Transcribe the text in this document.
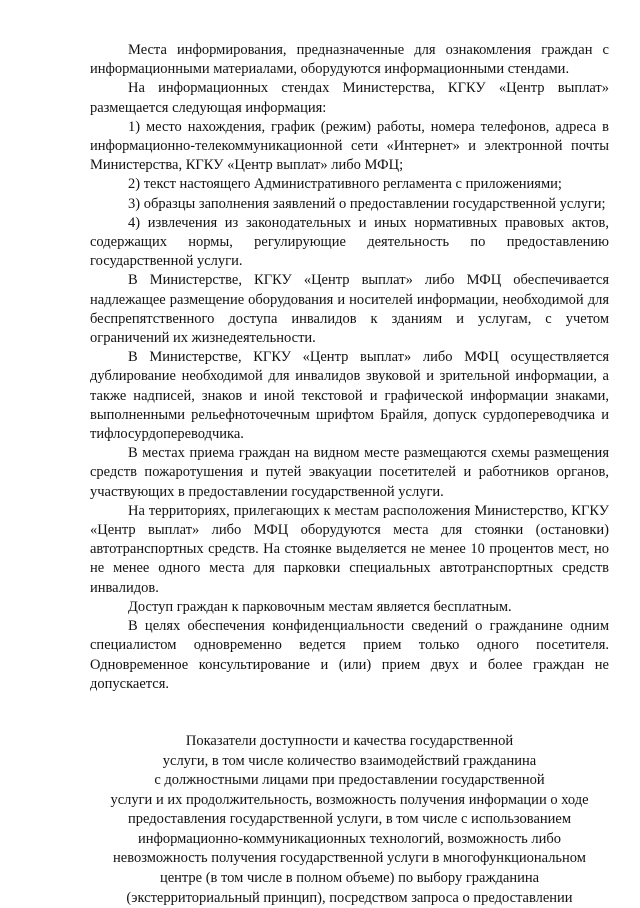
Места информирования, предназначенные для ознакомления граждан с информационными материалами, оборудуются информационными стендами.

На информационных стендах Министерства, КГКУ «Центр выплат» размещается следующая информация:

1) место нахождения, график (режим) работы, номера телефонов, адреса в информационно-телекоммуникационной сети «Интернет» и электронной почты Министерства, КГКУ «Центр выплат» либо МФЦ;

2) текст настоящего Административного регламента с приложениями;

3) образцы заполнения заявлений о предоставлении государственной услуги;

4) извлечения из законодательных и иных нормативных правовых актов, содержащих нормы, регулирующие деятельность по предоставлению государственной услуги.

В Министерстве, КГКУ «Центр выплат» либо МФЦ обеспечивается надлежащее размещение оборудования и носителей информации, необходимой для беспрепятственного доступа инвалидов к зданиям и услугам, с учетом ограничений их жизнедеятельности.

В Министерстве, КГКУ «Центр выплат» либо МФЦ осуществляется дублирование необходимой для инвалидов звуковой и зрительной информации, а также надписей, знаков и иной текстовой и графической информации знаками, выполненными рельефноточечным шрифтом Брайля, допуск сурдопереводчика и тифлосурдопереводчика.

В местах приема граждан на видном месте размещаются схемы размещения средств пожаротушения и путей эвакуации посетителей и работников органов, участвующих в предоставлении государственной услуги.

На территориях, прилегающих к местам расположения Министерство, КГКУ «Центр выплат» либо МФЦ оборудуются места для стоянки (остановки) автотранспортных средств. На стоянке выделяется не менее 10 процентов мест, но не менее одного места для парковки специальных автотранспортных средств инвалидов.

Доступ граждан к парковочным местам является бесплатным.

В целях обеспечения конфиденциальности сведений о гражданине одним специалистом одновременно ведется прием только одного посетителя. Одновременное консультирование и (или) прием двух и более граждан не допускается.

Показатели доступности и качества государственной

услуги, в том числе количество взаимодействий гражданина

с должностными лицами при предоставлении государственной

услуги и их продолжительность, возможность получения информации о ходе

предоставления государственной услуги, в том числе с использованием

информационно-коммуникационных технологий, возможность либо

невозможность получения государственной услуги в многофункциональном

центре (в том числе в полном объеме) по выбору гражданина

(экстерриториальный принцип), посредством запроса о предоставлении
